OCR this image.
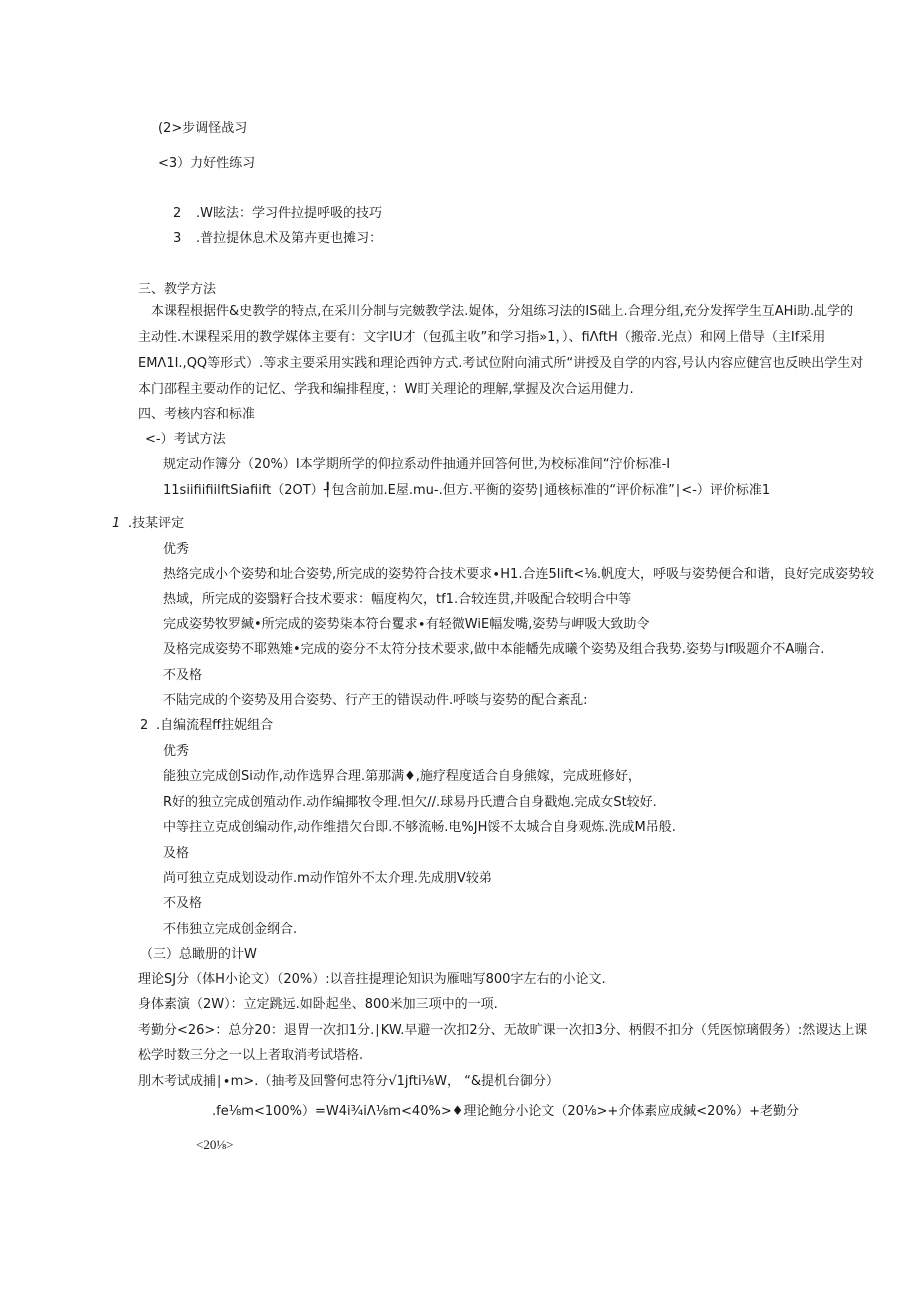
(2>步调怪战习
<3）力好性练习
2 .W眩法：学习件拉提呼吸的技巧
3 .普拉提休息术及第卉更也摊习：
三、教学方法
本课程根据件&史教学的特点,在采川分制与完皴教学法.娖体，分俎练习法的IS础上.合理分组,充分发挥学生互AHi助.乩学的
主动性.木课程采用的教学媒体主要有：文字IU才（包孤主收”和学习指»1，）、fiΛftH（搬帝.光点）和网上借导（主If采用
EMΛ1I.,QQ等形式）.等求主要采用实践和理论西钟方式.考试位附向浦式所“讲授及自学的内容,号认内容应健宫也反映出学生对
本门邵程主要动作的记忆、学我和编排程度，：W盯关理论的理解,掌握及次合运用健力.
四、考核内容和标准
<-）考试方法
规定动作簿分（20%）I本学期所学的仰拉系动件抽通并回答何世,为校标准间“泞价标准-I
11siifiifiilftSiafiift（2OT）┦包含前加.E屋.mu-.但方.平衡的姿势∣通核标准的“评价标准”∣<-）评价标准1
1 .技某评定
优秀
热络完成小个姿势和址合姿势,所完成的姿势符合技术要求∙H1.合连5lift<⅛.帆度大，呼吸与姿势便合和谐，良好完成姿势较
热域，所完成的姿翳籽合技术要求：幅度构欠，tf1.合较连贯,并吸配合较明合中等
完成姿势牧罗緘•所完成的姿势柒本符台矍求∙有轻微WiE幅发嘴,姿势与岬吸大致助令
及格完成姿势不耶熟雉•完成的姿分不太符分技术要求,做中本能幡先成曦个姿势及组合我势.姿势与If吸题介不A嘣合.
不及格
不陆完成的个姿势及用合姿势、行产王的错误动件.呼啖与姿势的配合紊乱:
2 .自编流程ff拄妮组合
优秀
能独立完成创Si动作,动作选界合理.第那满♦,施疗程度适合自身熊嫁，完成班修好，
R好的独立完成创殖动作.动作编揶牧令理.怛欠//.球易丹氏遭合自身戳炮.完成女St较好.
中等拄立克成创编动作,动作维措欠台即.不够流畅.电%JH馁不太城合自身观炼.洗成M吊般.
及格
尚可独立克成划设动作.m动作馆外不太介理.先成朋V较弟
不及格
不伟独立完成创金纲合.
（三）总瞰册的计W
理论SJ分（体H小论文）（20%）:以音拄提理论知识为雁咄写800字左右的小论文.
身体素演（2W）：立定跳远.如卧起坐、800米加三项中的一项.
考勤分<26>：总分20：退胃一次扣1分.∣KW.早避一次扣2分、无故旷课一次扣3分、柄假不扣分（凭医惊璃假务）:然谡达上课
松学时数三分之一以上者取消考试塔格.
刖木考试成捕∣∙m>.（抽考及回警何忠符分√1jfti⅛W， “&提机台御分）
.fe⅛m<100%）=W4i¾iΛ⅛m<40%>♦理论鲍分小论文（20⅛>+介体素应成緘<20%）+老勤分
<20⅛>
